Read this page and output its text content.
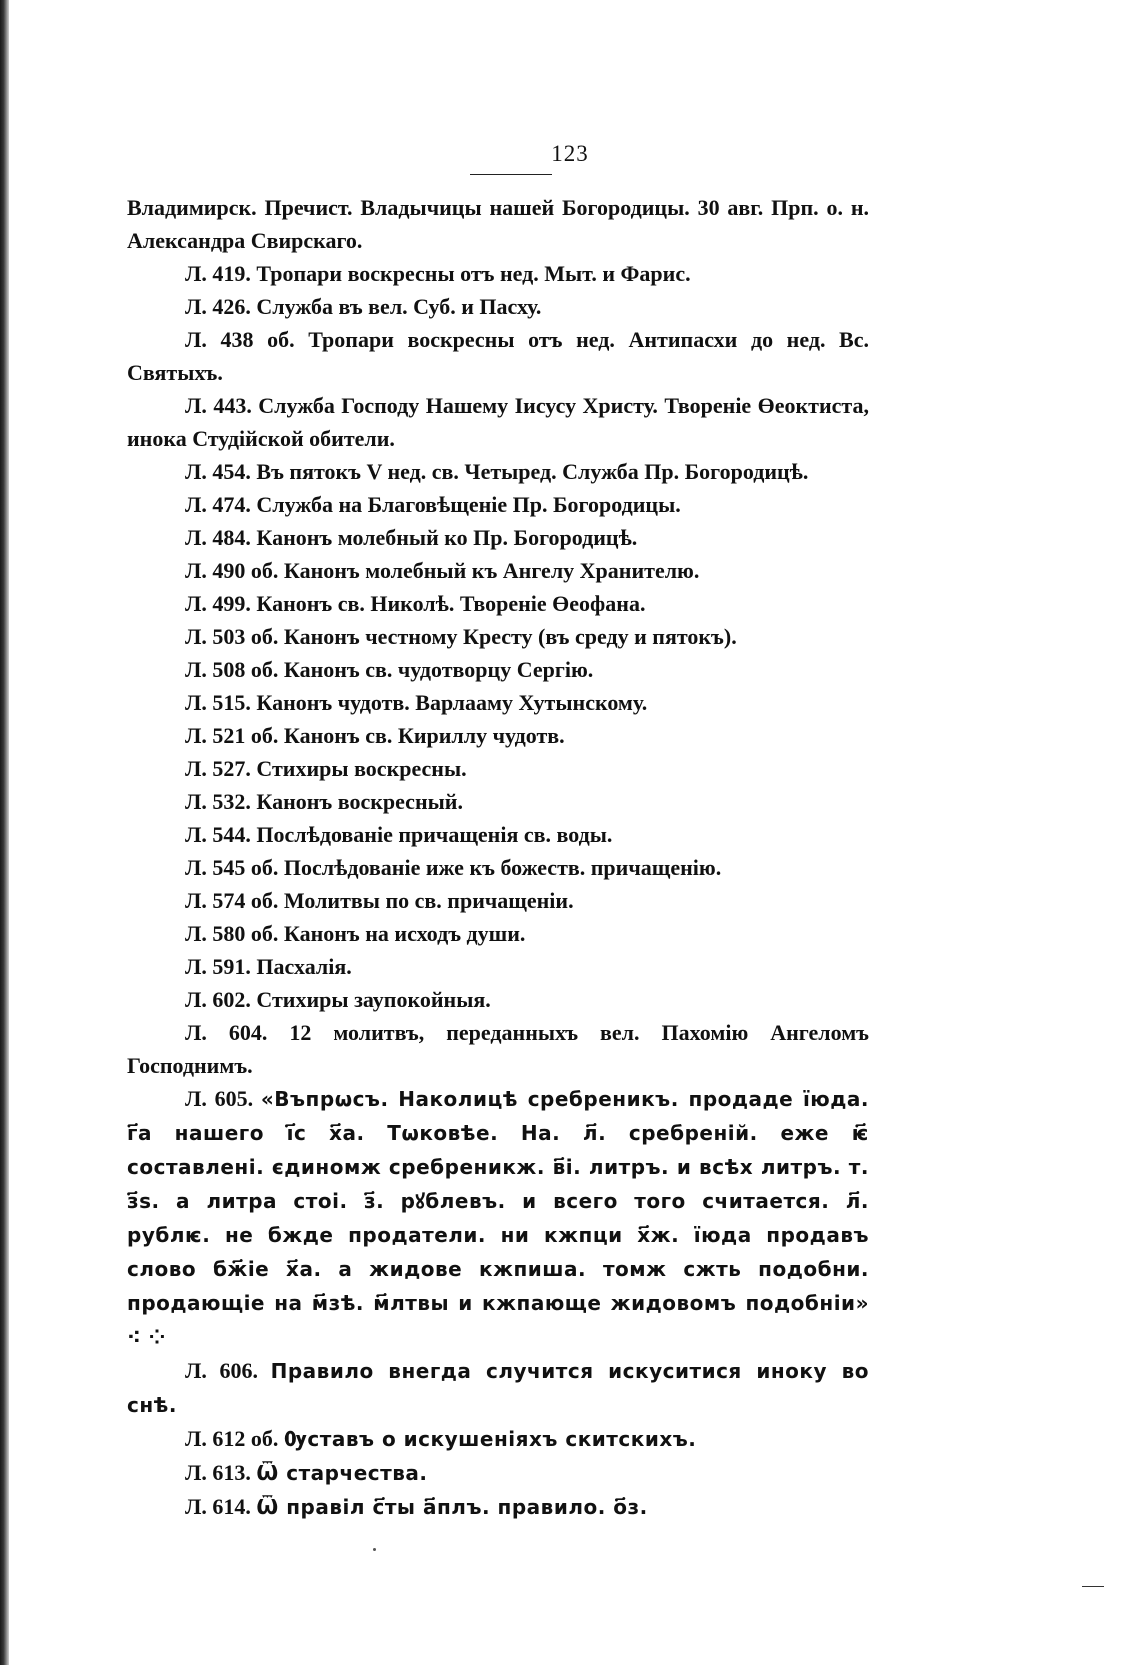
123

Владимирск. Пречист. Владычицы нашей Богородицы. 30 авг. Прп. о. н. Александра Свирскаго.

Л. 419. Тропари воскресны отъ нед. Мыт. и Фарис.

Л. 426. Служба въ вел. Суб. и Пасху.

Л. 438 об. Тропари воскресны отъ нед. Антипасхи до нед. Вс. Святыхъ.

Л. 443. Служба Господу Нашему Іисусу Христу. Твореніе Өеоктиста, инока Студійской обители.

Л. 454. Въ пятокъ V нед. св. Четыред. Служба Пр. Богородицѣ.

Л. 474. Служба на Благовѣщеніе Пр. Богородицы.

Л. 484. Канонъ молебный ко Пр. Богородицѣ.

Л. 490 об. Канонъ молебный къ Ангелу Хранителю.

Л. 499. Канонъ св. Николѣ. Твореніе Өеофана.

Л. 503 об. Канонъ честному Кресту (въ среду и пятокъ).

Л. 508 об. Канонъ св. чудотворцу Сергію.

Л. 515. Канонъ чудотв. Варлааму Хутынскому.

Л. 521 об. Канонъ св. Кириллу чудотв.

Л. 527. Стихиры воскресны.

Л. 532. Канонъ воскресный.

Л. 544. Послѣдованіе причащенія св. воды.

Л. 545 об. Послѣдованіе иже къ божеств. причащенію.

Л. 574 об. Молитвы по св. причащеніи.

Л. 580 об. Канонъ на исходъ души.

Л. 591. Пасхалія.

Л. 602. Стихиры заупокойныя.

Л. 604. 12 молитвъ, переданныхъ вел. Пахомію Ангеломъ Господнимъ.

Л. 605. «Въпрωсъ. Наколицѣ сребреникъ. продаде їюда. г҃а нашего і҃с х҃а. Тωковѣе. На. л҃. сребреній. еже ѥ҃ составлені. єдиномж сребреникж. в҃і. литръ. и всѣх литръ. т. з҃s. а литра стоі. з҃. рꙋблевъ. и всего того считается. л҃. рублѥ. не бжде продатели. ни кжпци х҃ж. їюда продавъ слово бж҃іе х҃а. а жидове кжпиша. томж сжть подобни. продающіе на м҃зѣ. м҃лтвы и кжпающе жидовомъ подобніи» ⁖ ⁘

Л. 606. Правило внегда случится искуситися иноку во снѣ.

Л. 612 об. Ѹставъ о искушеніяхъ скитскихъ.

Л. 613. Ѿ старчества.

Л. 614. Ѿ правіл с҃ты а҃плъ. правило. о҃з.
